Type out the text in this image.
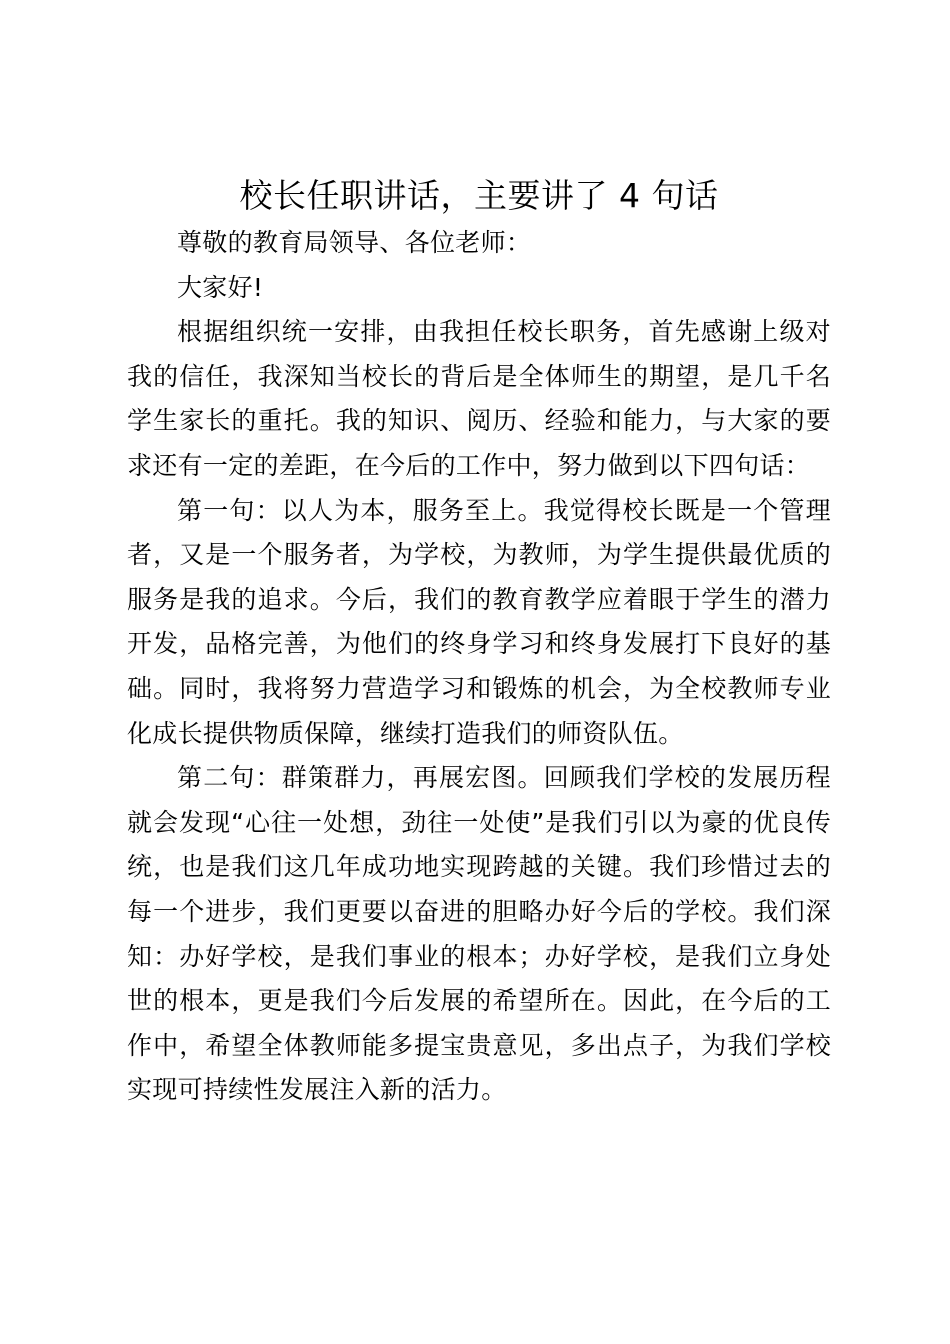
校长任职讲话，主要讲了 4 句话

尊敬的教育局领导、各位老师：

大家好!

根据组织统一安排，由我担任校长职务，首先感谢上级对我的信任，我深知当校长的背后是全体师生的期望，是几千名学生家长的重托。我的知识、阅历、经验和能力，与大家的要求还有一定的差距，在今后的工作中，努力做到以下四句话：

第一句：以人为本，服务至上。我觉得校长既是一个管理者，又是一个服务者，为学校，为教师，为学生提供最优质的服务是我的追求。今后，我们的教育教学应着眼于学生的潜力开发，品格完善，为他们的终身学习和终身发展打下良好的基础。同时，我将努力营造学习和锻炼的机会，为全校教师专业化成长提供物质保障，继续打造我们的师资队伍。

第二句：群策群力，再展宏图。回顾我们学校的发展历程就会发现“心往一处想，劲往一处使”是我们引以为豪的优良传统，也是我们这几年成功地实现跨越的关键。我们珍惜过去的每一个进步，我们更要以奋进的胆略办好今后的学校。我们深知：办好学校，是我们事业的根本；办好学校，是我们立身处世的根本，更是我们今后发展的希望所在。因此，在今后的工作中，希望全体教师能多提宝贵意见，多出点子，为我们学校实现可持续性发展注入新的活力。
